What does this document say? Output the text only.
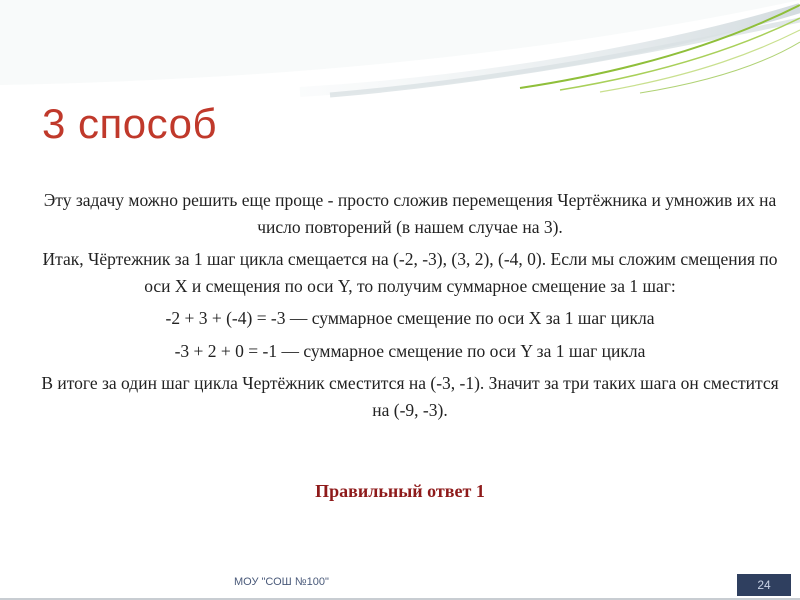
3 способ

Эту задачу можно решить еще проще - просто сложив перемещения Чертёжника и умножив их на число повторений (в нашем случае на 3).

Итак, Чёртежник за 1 шаг цикла смещается на (-2, -3), (3, 2), (-4, 0). Если мы сложим смещения по оси X и смещения по оси Y, то получим суммарное смещение за 1 шаг:

-2 + 3 + (-4) = -3 — суммарное смещение по оси X за 1 шаг цикла

-3 + 2 + 0 = -1 — суммарное смещение по оси Y за 1 шаг цикла

В итоге за один шаг цикла Чертёжник сместится на (-3, -1). Значит за три таких шага он сместится на (-9, -3).

Правильный ответ 1
МОУ "СОШ №100"	24
